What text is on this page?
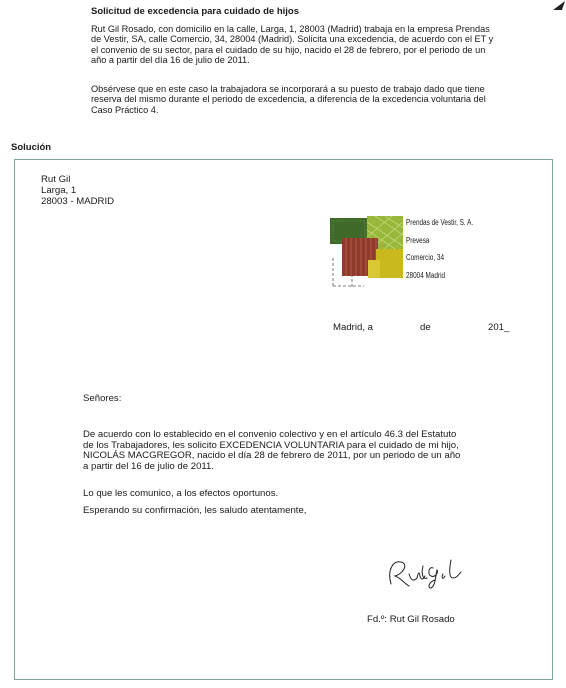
Solicitud de excedencia para cuidado de hijos
Rut Gil Rosado, con domicilio en la calle, Larga, 1, 28003 (Madrid) trabaja en la empresa Prendas
de Vestir, SA, calle Comercio, 34, 28004 (Madrid). Solicita una excedencia, de acuerdo con el ET y
el convenio de su sector, para el cuidado de su hijo, nacido el 28 de febrero, por el periodo de un
año a partir del día 16 de julio de 2011.
Obsérvese que en este caso la trabajadora se incorporará a su puesto de trabajo dado que tiene
reserva del mismo durante el periodo de excedencia, a diferencia de la excedencia voluntaria del
Caso Práctico 4.
Solución
Rut Gil
Larga, 1
28003 - MADRID
Prendas de Vestir, S. A.
Prevesa
Comercio, 34
28004 Madrid
Madrid, a	de	201_
Señores:
De acuerdo con lo establecido en el convenio colectivo y en el artículo 46.3 del Estatuto
de los Trabajadores, les solicito EXCEDENCIA VOLUNTARIA para el cuidado de mi hijo,
NICOLÁS MACGREGOR, nacido el día 28 de febrero de 2011, por un periodo de un año
a partir del 16 de julio de 2011.
Lo que les comunico, a los efectos oportunos.
Esperando su confirmación, les saludo atentamente,
Fd.º: Rut Gil Rosado
